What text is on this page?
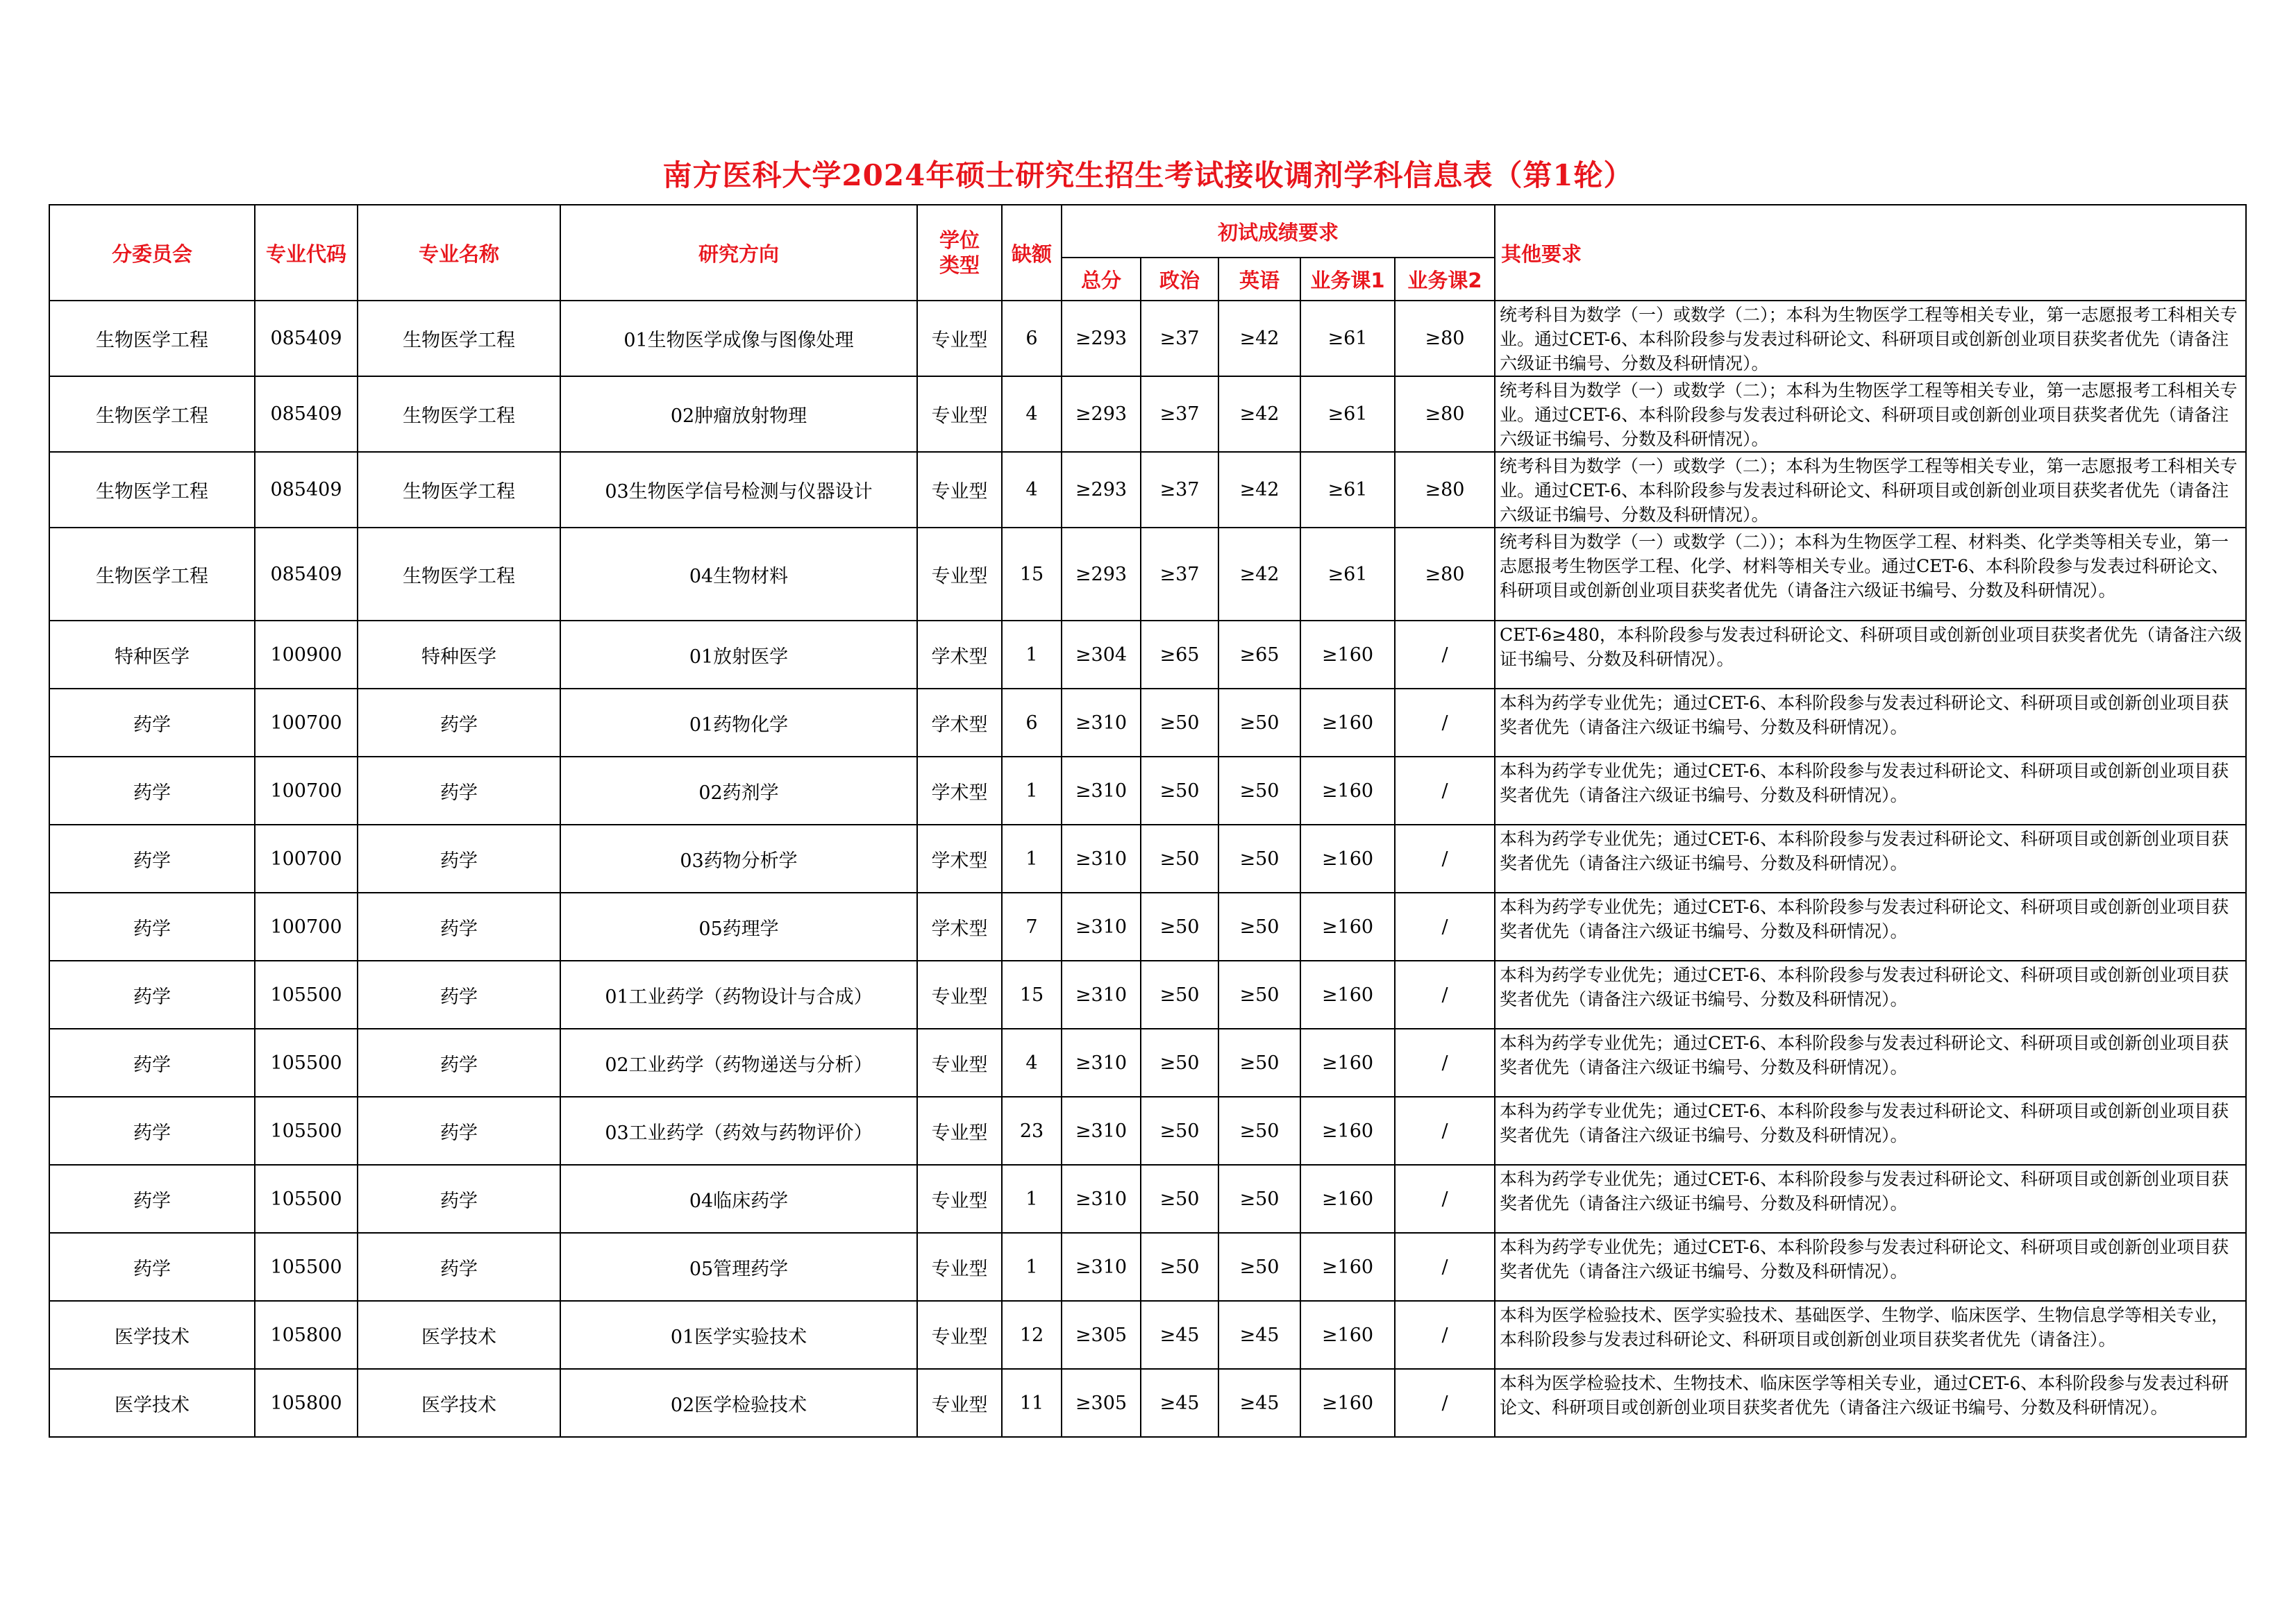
南方医科大学2024年硕士研究生招生考试接收调剂学科信息表（第1轮）
分委员会	专业代码	专业名称	研究方向	学位类型	缺额	初试成绩要求					其他要求
						总分	政治	英语	业务课1	业务课2	
生物医学工程	085409	生物医学工程	01生物医学成像与图像处理	专业型	6	≥293	≥37	≥42	≥61	≥80	统考科目为数学（一）或数学（二）；本科为生物医学工程等相关专业，第一志愿报考工科相关专业。通过CET-6、本科阶段参与发表过科研论文、科研项目或创新创业项目获奖者优先（请备注六级证书编号、分数及科研情况）。
生物医学工程	085409	生物医学工程	02肿瘤放射物理	专业型	4	≥293	≥37	≥42	≥61	≥80	统考科目为数学（一）或数学（二）；本科为生物医学工程等相关专业，第一志愿报考工科相关专业。通过CET-6、本科阶段参与发表过科研论文、科研项目或创新创业项目获奖者优先（请备注六级证书编号、分数及科研情况）。
生物医学工程	085409	生物医学工程	03生物医学信号检测与仪器设计	专业型	4	≥293	≥37	≥42	≥61	≥80	统考科目为数学（一）或数学（二）；本科为生物医学工程等相关专业，第一志愿报考工科相关专业。通过CET-6、本科阶段参与发表过科研论文、科研项目或创新创业项目获奖者优先（请备注六级证书编号、分数及科研情况）。
生物医学工程	085409	生物医学工程	04生物材料	专业型	15	≥293	≥37	≥42	≥61	≥80	统考科目为数学（一）或数学（二））；本科为生物医学工程、材料类、化学类等相关专业，第一志愿报考生物医学工程、化学、材料等相关专业。通过CET-6、本科阶段参与发表过科研论文、科研项目或创新创业项目获奖者优先（请备注六级证书编号、分数及科研情况）。
特种医学	100900	特种医学	01放射医学	学术型	1	≥304	≥65	≥65	≥160	/	CET-6≥480，本科阶段参与发表过科研论文、科研项目或创新创业项目获奖者优先（请备注六级证书编号、分数及科研情况）。
药学	100700	药学	01药物化学	学术型	6	≥310	≥50	≥50	≥160	/	本科为药学专业优先；通过CET-6、本科阶段参与发表过科研论文、科研项目或创新创业项目获奖者优先（请备注六级证书编号、分数及科研情况）。
药学	100700	药学	02药剂学	学术型	1	≥310	≥50	≥50	≥160	/	本科为药学专业优先；通过CET-6、本科阶段参与发表过科研论文、科研项目或创新创业项目获奖者优先（请备注六级证书编号、分数及科研情况）。
药学	100700	药学	03药物分析学	学术型	1	≥310	≥50	≥50	≥160	/	本科为药学专业优先；通过CET-6、本科阶段参与发表过科研论文、科研项目或创新创业项目获奖者优先（请备注六级证书编号、分数及科研情况）。
药学	100700	药学	05药理学	学术型	7	≥310	≥50	≥50	≥160	/	本科为药学专业优先；通过CET-6、本科阶段参与发表过科研论文、科研项目或创新创业项目获奖者优先（请备注六级证书编号、分数及科研情况）。
药学	105500	药学	01工业药学（药物设计与合成）	专业型	15	≥310	≥50	≥50	≥160	/	本科为药学专业优先；通过CET-6、本科阶段参与发表过科研论文、科研项目或创新创业项目获奖者优先（请备注六级证书编号、分数及科研情况）。
药学	105500	药学	02工业药学（药物递送与分析）	专业型	4	≥310	≥50	≥50	≥160	/	本科为药学专业优先；通过CET-6、本科阶段参与发表过科研论文、科研项目或创新创业项目获奖者优先（请备注六级证书编号、分数及科研情况）。
药学	105500	药学	03工业药学（药效与药物评价）	专业型	23	≥310	≥50	≥50	≥160	/	本科为药学专业优先；通过CET-6、本科阶段参与发表过科研论文、科研项目或创新创业项目获奖者优先（请备注六级证书编号、分数及科研情况）。
药学	105500	药学	04临床药学	专业型	1	≥310	≥50	≥50	≥160	/	本科为药学专业优先；通过CET-6、本科阶段参与发表过科研论文、科研项目或创新创业项目获奖者优先（请备注六级证书编号、分数及科研情况）。
药学	105500	药学	05管理药学	专业型	1	≥310	≥50	≥50	≥160	/	本科为药学专业优先；通过CET-6、本科阶段参与发表过科研论文、科研项目或创新创业项目获奖者优先（请备注六级证书编号、分数及科研情况）。
医学技术	105800	医学技术	01医学实验技术	专业型	12	≥305	≥45	≥45	≥160	/	本科为医学检验技术、医学实验技术、基础医学、生物学、临床医学、生物信息学等相关专业，本科阶段参与发表过科研论文、科研项目或创新创业项目获奖者优先（请备注）。
医学技术	105800	医学技术	02医学检验技术	专业型	11	≥305	≥45	≥45	≥160	/	本科为医学检验技术、生物技术、临床医学等相关专业，通过CET-6、本科阶段参与发表过科研论文、科研项目或创新创业项目获奖者优先（请备注六级证书编号、分数及科研情况）。
